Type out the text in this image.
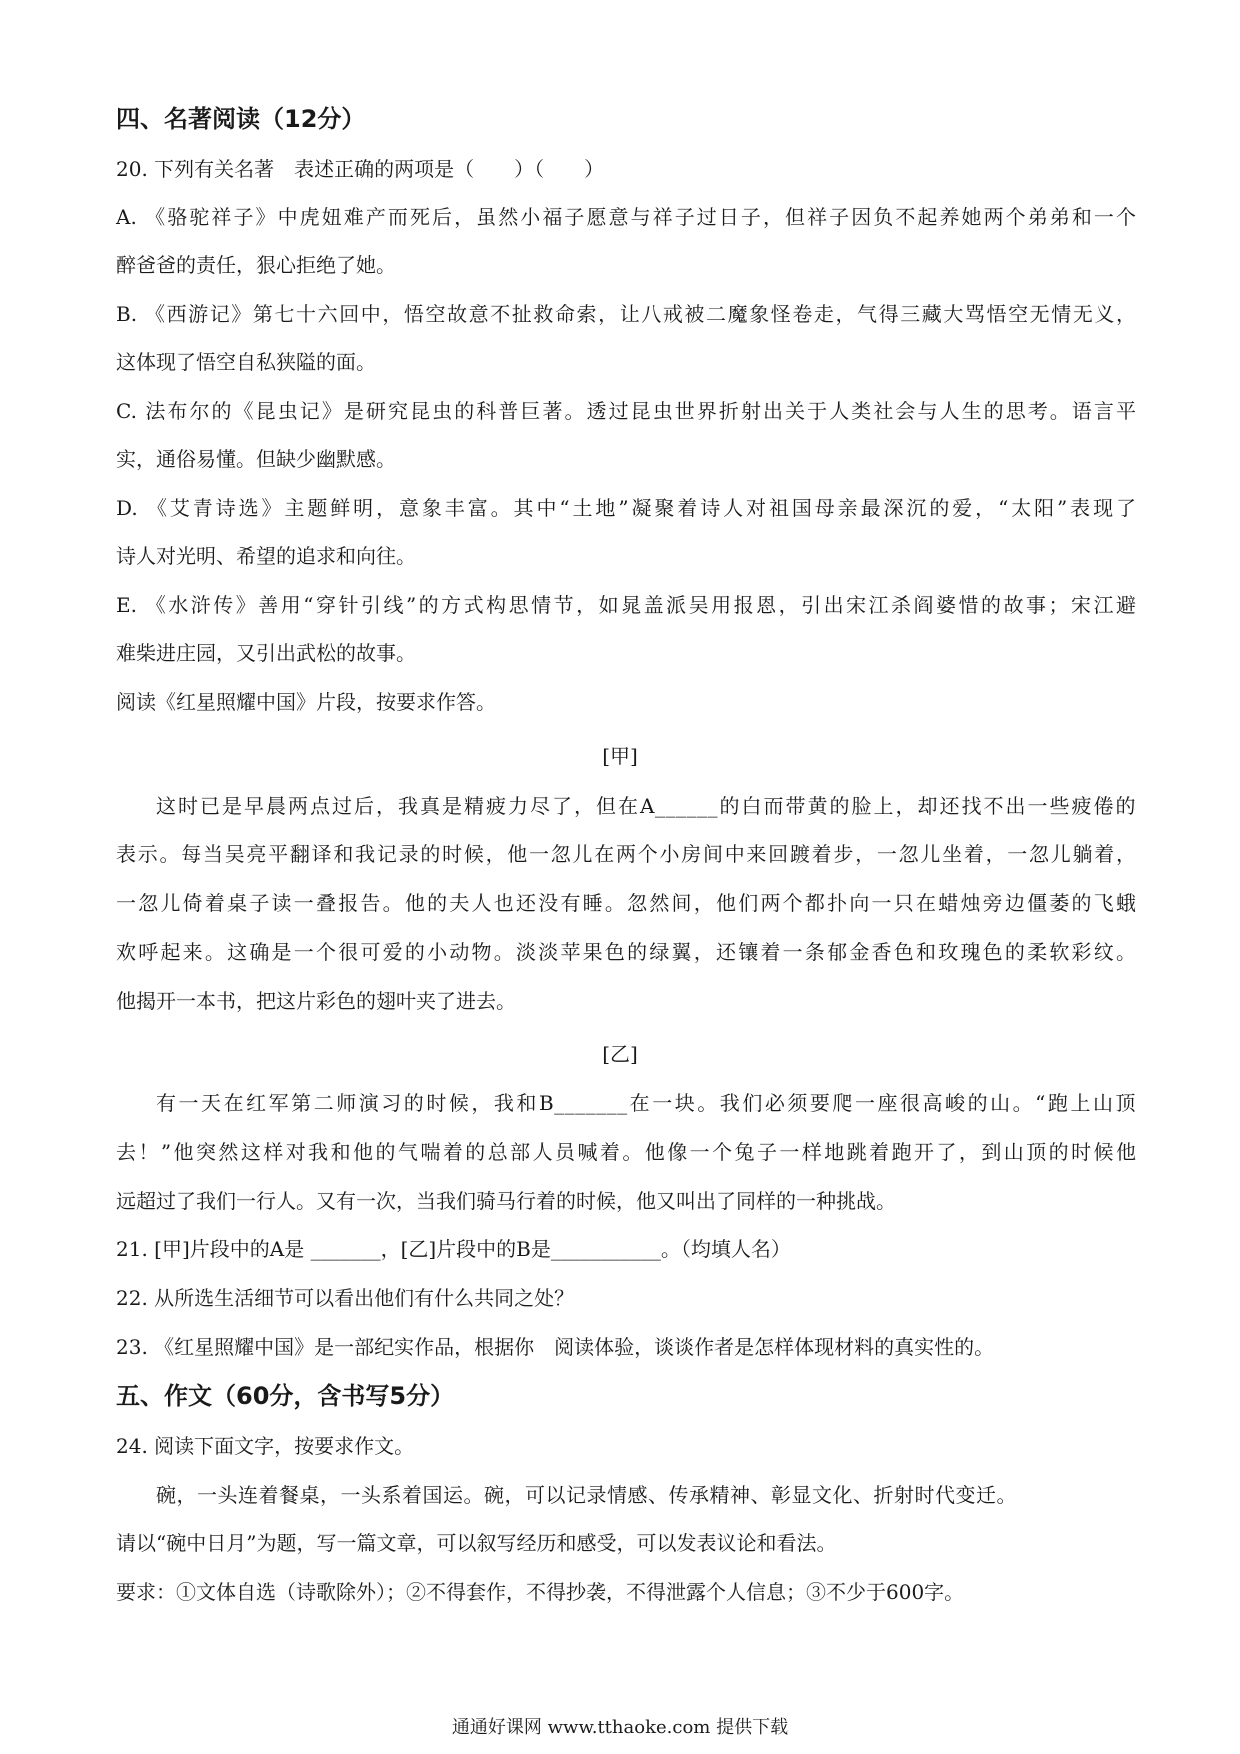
四、名著阅读（12分）
20. 下列有关名著　表述正确的两项是（　　）（　　）
A. 《骆驼祥子》中虎妞难产而死后，虽然小福子愿意与祥子过日子，但祥子因负不起养她两个弟弟和一个
醉爸爸的责任，狠心拒绝了她。
B. 《西游记》第七十六回中，悟空故意不扯救命索，让八戒被二魔象怪卷走，气得三藏大骂悟空无情无义，
这体现了悟空自私狭隘的面。
C. 法布尔的《昆虫记》是研究昆虫的科普巨著。透过昆虫世界折射出关于人类社会与人生的思考。语言平
实，通俗易懂。但缺少幽默感。
D. 《艾青诗选》主题鲜明，意象丰富。其中“土地”凝聚着诗人对祖国母亲最深沉的爱，“太阳”表现了
诗人对光明、希望的追求和向往。
E. 《水浒传》善用“穿针引线”的方式构思情节，如晁盖派吴用报恩，引出宋江杀阎婆惜的故事；宋江避
难柴进庄园，又引出武松的故事。
阅读《红星照耀中国》片段，按要求作答。
[甲]
这时已是早晨两点过后，我真是精疲力尽了，但在A______的白而带黄的脸上，却还找不出一些疲倦的
表示。每当吴亮平翻译和我记录的时候，他一忽儿在两个小房间中来回踱着步，一忽儿坐着，一忽儿躺着，
一忽儿倚着桌子读一叠报告。他的夫人也还没有睡。忽然间，他们两个都扑向一只在蜡烛旁边僵萎的飞蛾
欢呼起来。这确是一个很可爱的小动物。淡淡苹果色的绿翼，还镶着一条郁金香色和玫瑰色的柔软彩纹。
他揭开一本书，把这片彩色的翅叶夹了进去。
[乙]
有一天在红军第二师演习的时候，我和B_______在一块。我们必须要爬一座很高峻的山。“跑上山顶
去！”他突然这样对我和他的气喘着的总部人员喊着。他像一个兔子一样地跳着跑开了，到山顶的时候他
远超过了我们一行人。又有一次，当我们骑马行着的时候，他又叫出了同样的一种挑战。
21. [甲]片段中的A是 _______，[乙]片段中的B是___________。（均填人名）
22. 从所选生活细节可以看出他们有什么共同之处？
23. 《红星照耀中国》是一部纪实作品，根据你　阅读体验，谈谈作者是怎样体现材料的真实性的。
五、作文（60分，含书写5分）
24. 阅读下面文字，按要求作文。
碗，一头连着餐桌，一头系着国运。碗，可以记录情感、传承精神、彰显文化、折射时代变迁。
请以“碗中日月”为题，写一篇文章，可以叙写经历和感受，可以发表议论和看法。
要求：①文体自选（诗歌除外）；②不得套作，不得抄袭，不得泄露个人信息；③不少于600字。
通通好课网 www.tthaoke.com 提供下载
